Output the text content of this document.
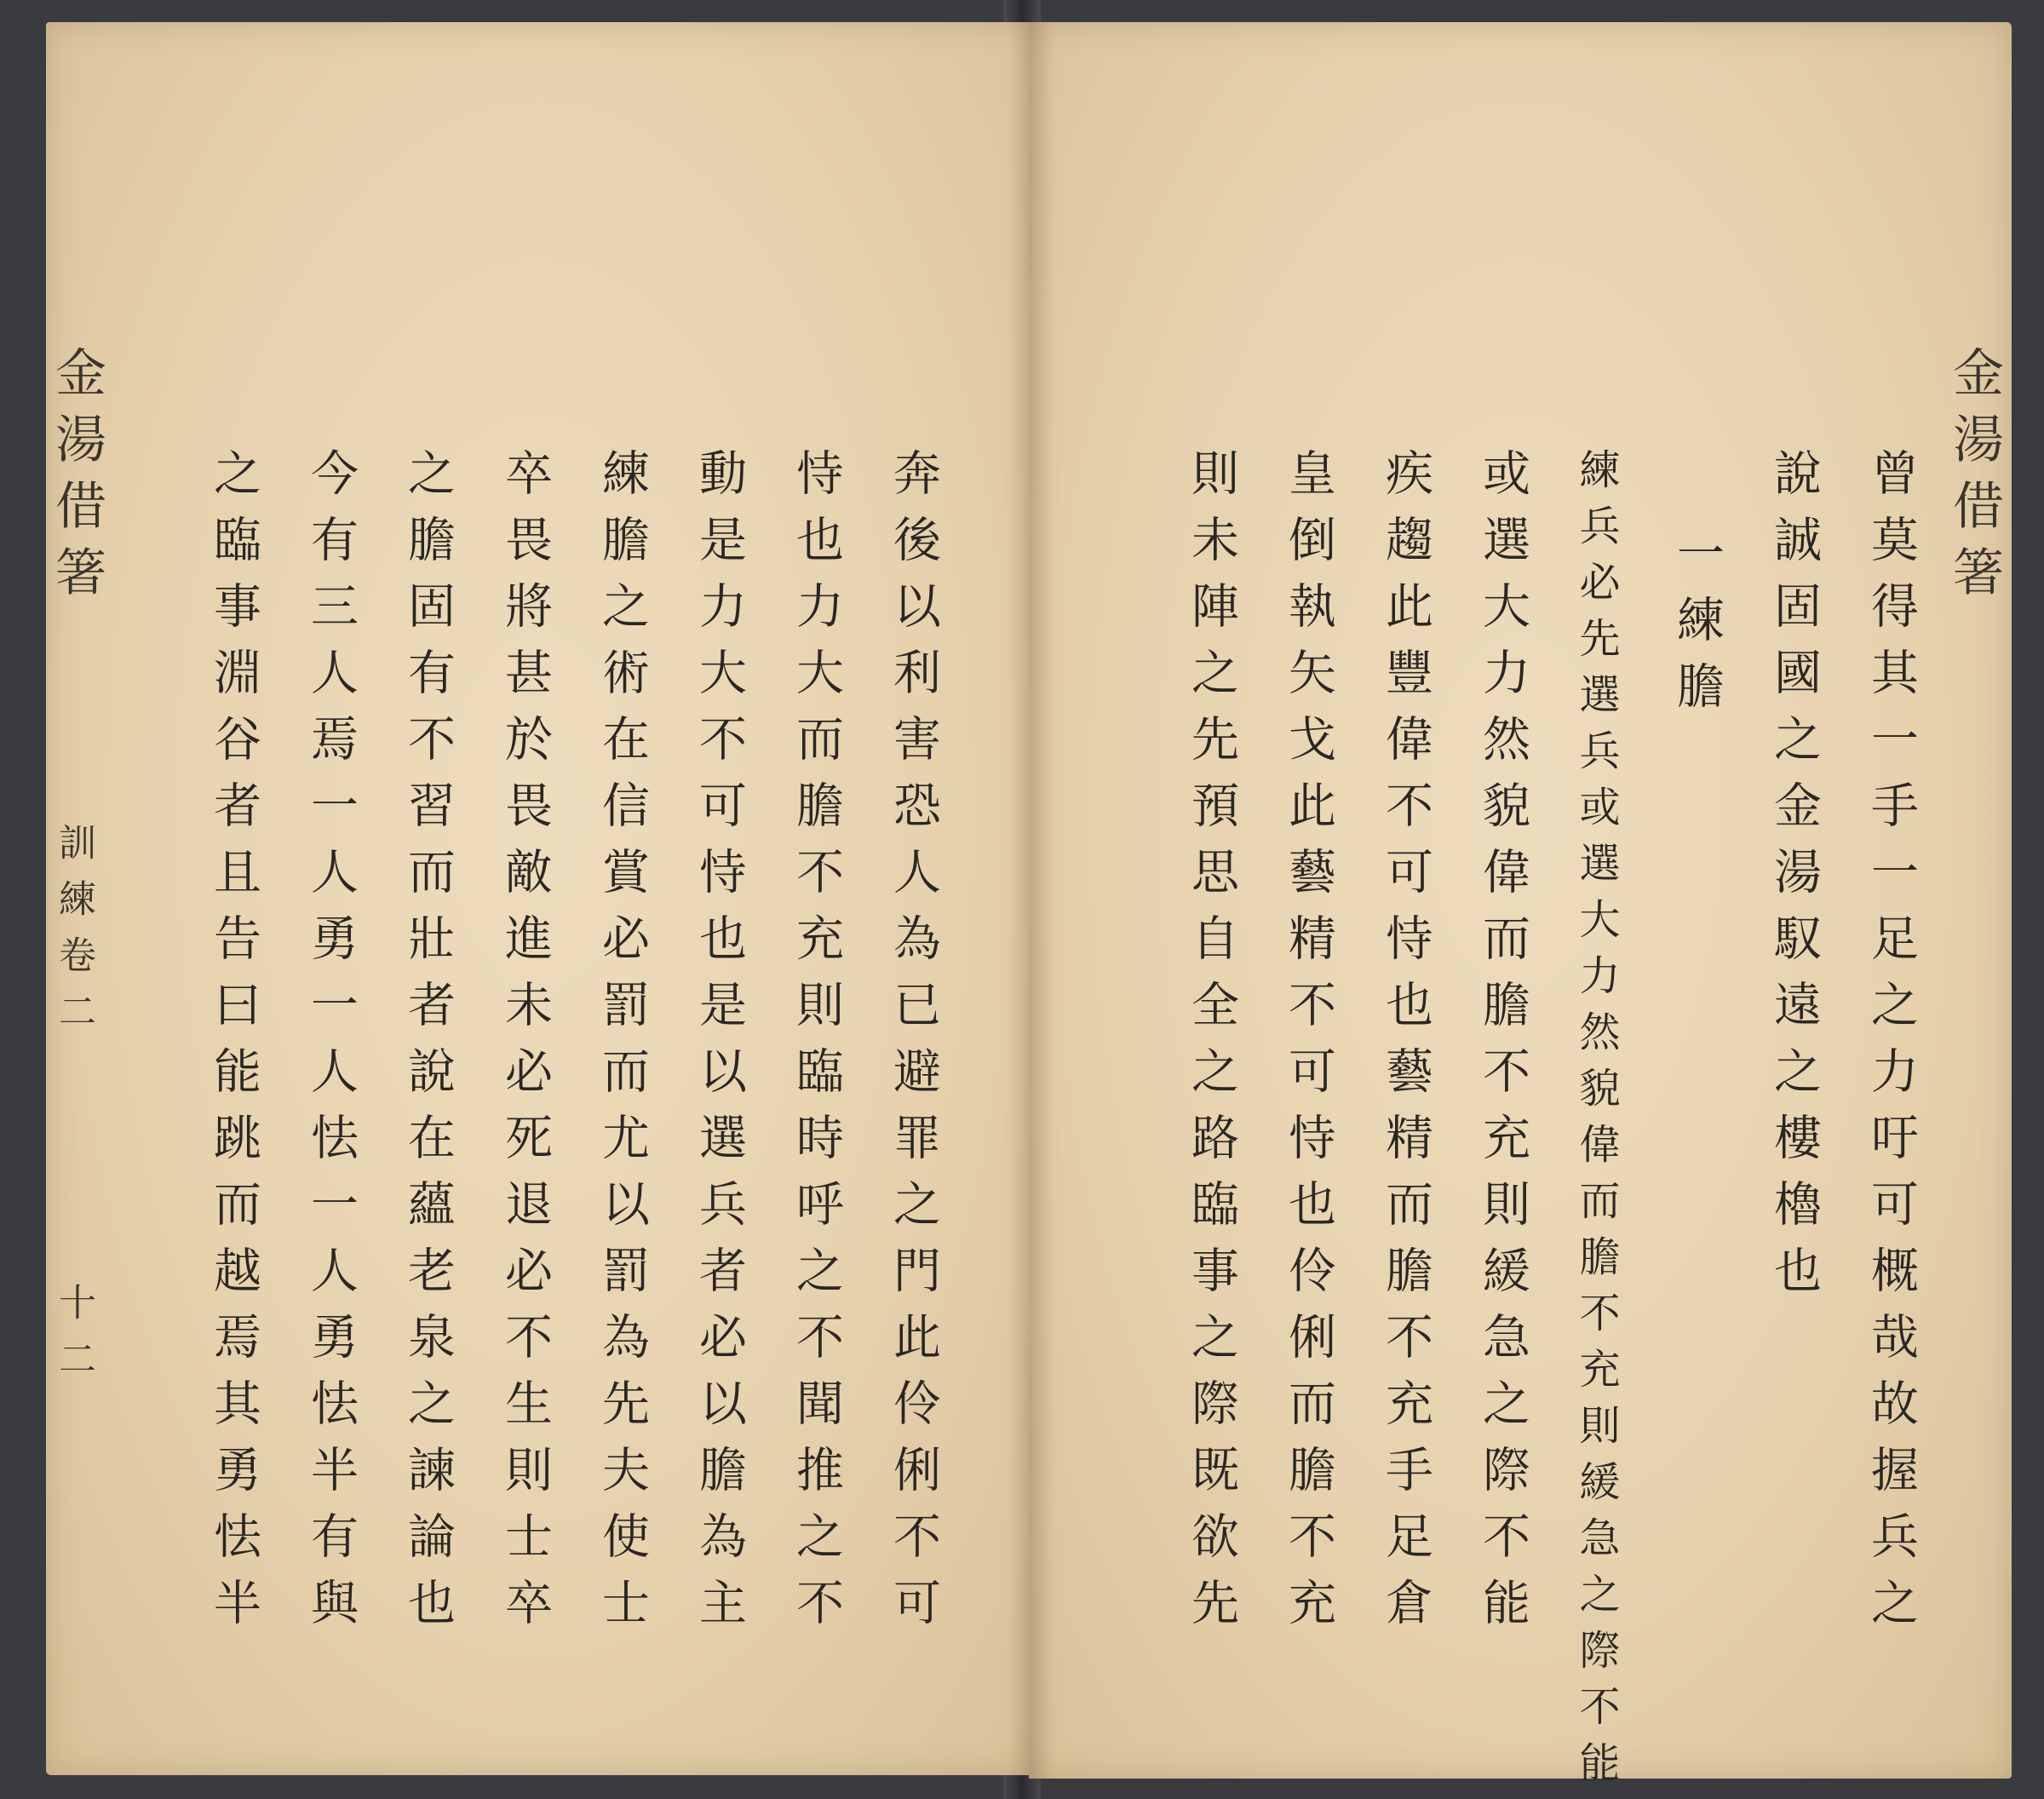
金湯借箸
訓練卷二
十二	奔後以利害恐人為已避罪之門此伶俐不可
恃也力大而膽不充則臨時呼之不聞推之不
動是力大不可恃也是以選兵者必以膽為主
練膽之術在信賞必罰而尤以罰為先夫使士
卒畏將甚於畏敵進未必死退必不生則士卒
之膽固有不習而壯者說在蘊老泉之諫論也
今有三人焉一人勇一人怯一人勇怯半有與
之臨事淵谷者且告曰能跳而越焉其勇怯半	金湯借箸
曾莫得其一手一足之力吁可概哉故握兵之
說誠固國之金湯馭遠之樓櫓也
一練膽
練兵必先選兵或選大力然貌偉而膽不充則緩急之際不能
或選大力然貌偉而膽不充則緩急之際不能
疾趨此豐偉不可恃也藝精而膽不充手足倉
皇倒執矢戈此藝精不可恃也伶俐而膽不充
則未陣之先預思自全之路臨事之際既欲先
